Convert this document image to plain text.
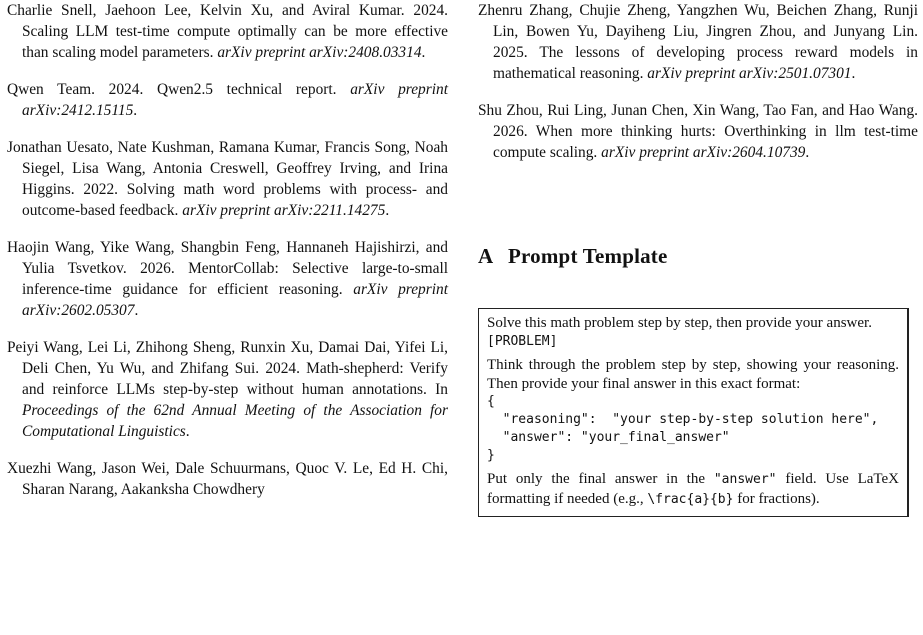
Charlie Snell, Jaehoon Lee, Kelvin Xu, and Aviral Kumar. 2024. Scaling LLM test-time compute optimally can be more effective than scaling model parameters. arXiv preprint arXiv:2408.03314.

Qwen Team. 2024. Qwen2.5 technical report. arXiv preprint arXiv:2412.15115.

Jonathan Uesato, Nate Kushman, Ramana Kumar, Francis Song, Noah Siegel, Lisa Wang, Antonia Creswell, Geoffrey Irving, and Irina Higgins. 2022. Solving math word problems with process- and outcome-based feedback. arXiv preprint arXiv:2211.14275.

Haojin Wang, Yike Wang, Shangbin Feng, Hannaneh Hajishirzi, and Yulia Tsvetkov. 2026. MentorCollab: Selective large-to-small inference-time guidance for efficient reasoning. arXiv preprint arXiv:2602.05307.

Peiyi Wang, Lei Li, Zhihong Sheng, Runxin Xu, Damai Dai, Yifei Li, Deli Chen, Yu Wu, and Zhifang Sui. 2024. Math-shepherd: Verify and reinforce LLMs step-by-step without human annotations. In Proceedings of the 62nd Annual Meeting of the Association for Computational Linguistics.

Xuezhi Wang, Jason Wei, Dale Schuurmans, Quoc V. Le, Ed H. Chi, Sharan Narang, Aakanksha Chowdhery

Zhenru Zhang, Chujie Zheng, Yangzhen Wu, Beichen Zhang, Runji Lin, Bowen Yu, Dayiheng Liu, Jingren Zhou, and Junyang Lin. 2025. The lessons of developing process reward models in mathematical reasoning. arXiv preprint arXiv:2501.07301.

Shu Zhou, Rui Ling, Junan Chen, Xin Wang, Tao Fan, and Hao Wang. 2026. When more thinking hurts: Overthinking in llm test-time compute scaling. arXiv preprint arXiv:2604.10739.

A Prompt Template

Solve this math problem step by step, then provide your answer.

[PROBLEM]

Think through the problem step by step, showing your reasoning. Then provide your final answer in this exact format:

{

"reasoning":  "your step-by-step solution here",

"answer": "your_final_answer"

}

Put only the final answer in the "answer" field. Use LaTeX formatting if needed (e.g., \frac{a}{b} for fractions).
